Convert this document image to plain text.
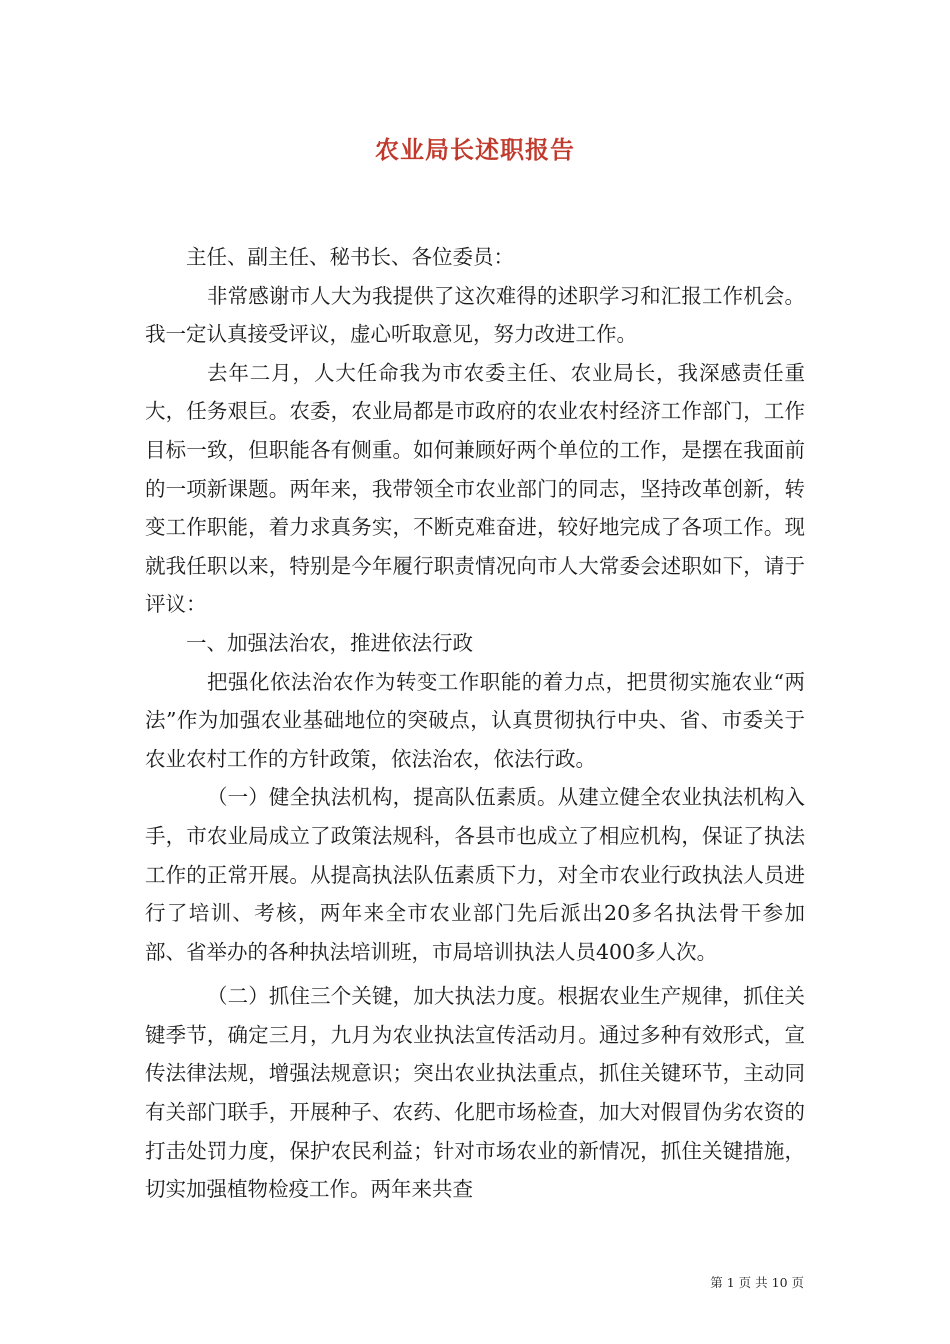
农业局长述职报告

主任、副主任、秘书长、各位委员：

非常感谢市人大为我提供了这次难得的述职学习和汇报工作机会。我一定认真接受评议，虚心听取意见，努力改进工作。

去年二月，人大任命我为市农委主任、农业局长，我深感责任重大，任务艰巨。农委，农业局都是市政府的农业农村经济工作部门，工作目标一致，但职能各有侧重。如何兼顾好两个单位的工作，是摆在我面前的一项新课题。两年来，我带领全市农业部门的同志，坚持改革创新，转变工作职能，着力求真务实，不断克难奋进，较好地完成了各项工作。现就我任职以来，特别是今年履行职责情况向市人大常委会述职如下，请于评议：

一、加强法治农，推进依法行政

把强化依法治农作为转变工作职能的着力点，把贯彻实施农业“两法”作为加强农业基础地位的突破点，认真贯彻执行中央、省、市委关于农业农村工作的方针政策，依法治农，依法行政。

（一）健全执法机构，提高队伍素质。从建立健全农业执法机构入手，市农业局成立了政策法规科，各县市也成立了相应机构，保证了执法工作的正常开展。从提高执法队伍素质下力，对全市农业行政执法人员进行了培训、考核，两年来全市农业部门先后派出20多名执法骨干参加部、省举办的各种执法培训班，市局培训执法人员400多人次。

（二）抓住三个关键，加大执法力度。根据农业生产规律，抓住关键季节，确定三月，九月为农业执法宣传活动月。通过多种有效形式，宣传法律法规，增强法规意识；突出农业执法重点，抓住关键环节，主动同有关部门联手，开展种子、农药、化肥市场检查，加大对假冒伪劣农资的打击处罚力度，保护农民利益；针对市场农业的新情况，抓住关键措施，切实加强植物检疫工作。两年来共查

第 1 页 共 10 页
